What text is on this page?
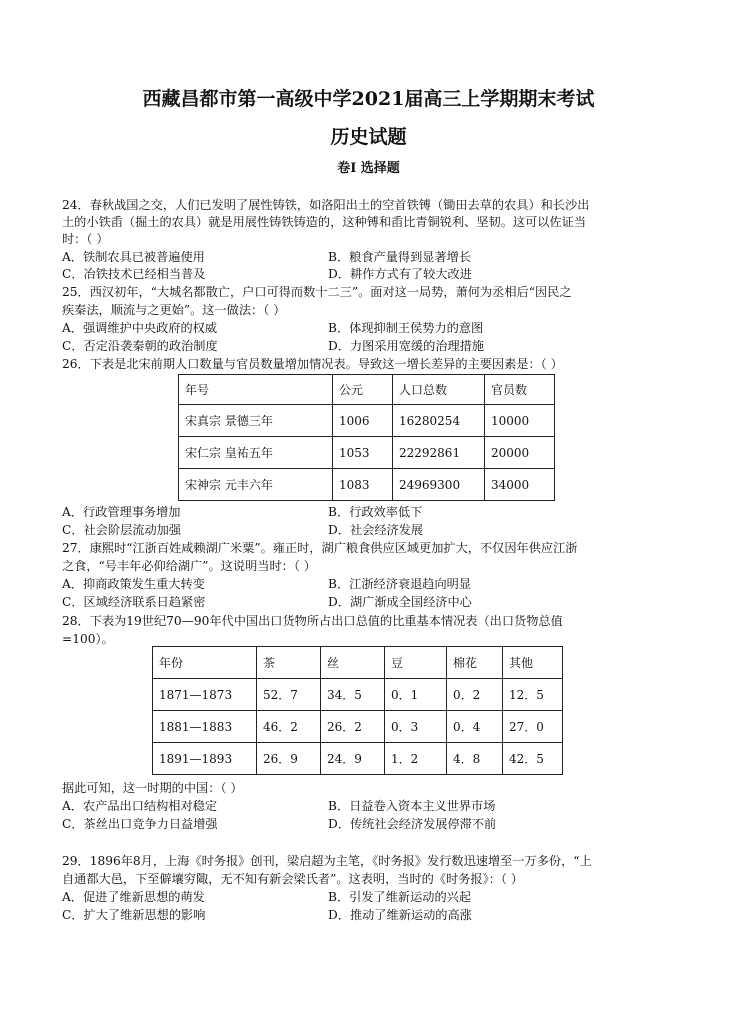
西藏昌都市第一高级中学2021届高三上学期期末考试
历史试题
卷Ⅰ 选择题
24．春秋战国之交，人们已发明了展性铸铁，如洛阳出土的空首铁镈（锄田去草的农具）和长沙出
土的小铁臿（掘土的农具）就是用展性铸铁铸造的，这种镈和臿比青铜锐利、坚韧。这可以佐证当
时：（ ）
A．铁制农具已被普遍使用	B．粮食产量得到显著增长
C．冶铁技术已经相当普及	D．耕作方式有了较大改进
25．西汉初年，“大城名都散亡，户口可得而数十二三”。面对这一局势，萧何为丞相后“因民之
疾秦法，顺流与之更始”。这一做法：（ ）
A．强调维护中央政府的权威	B．体现抑制王侯势力的意图
C．否定沿袭秦朝的政治制度	D．力图采用宽缓的治理措施
26．下表是北宋前期人口数量与官员数量增加情况表。导致这一增长差异的主要因素是：（ ）
年号	公元	人口总数	官员数
宋真宗 景德三年	1006	16280254	10000
宋仁宗 皇祐五年	1053	22292861	20000
宋神宗 元丰六年	1083	24969300	34000
A．行政管理事务增加	B．行政效率低下
C．社会阶层流动加强	D．社会经济发展
27．康熙时“江浙百姓咸赖湖广米粟”。雍正时，湖广粮食供应区域更加扩大，不仅因年供应江浙
之食，“号丰年必仰给湖广”。这说明当时：（ ）
A．抑商政策发生重大转变	B．江浙经济衰退趋向明显
C．区域经济联系日趋紧密	D．湖广渐成全国经济中心
28．下表为19世纪70—90年代中国出口货物所占出口总值的比重基本情况表（出口货物总值
=100）。
年份	茶	丝	豆	棉花	其他
1871—1873	52．7	34．5	0．1	0．2	12．5
1881—1883	46．2	26．2	0．3	0．4	27．0
1891—1893	26．9	24．9	1．2	4．8	42．5
据此可知，这一时期的中国：（ ）
A．农产品出口结构相对稳定	B．日益卷入资本主义世界市场
C．茶丝出口竞争力日益增强	D．传统社会经济发展停滞不前
29．1896年8月，上海《时务报》创刊，梁启超为主笔，《时务报》发行数迅速增至一万多份，“上
自通都大邑，下至僻壤穷陬，无不知有新会梁氏者”。这表明，当时的《时务报》：（ ）
A．促进了维新思想的萌发	B．引发了维新运动的兴起
C．扩大了维新思想的影响	D．推动了维新运动的高涨
